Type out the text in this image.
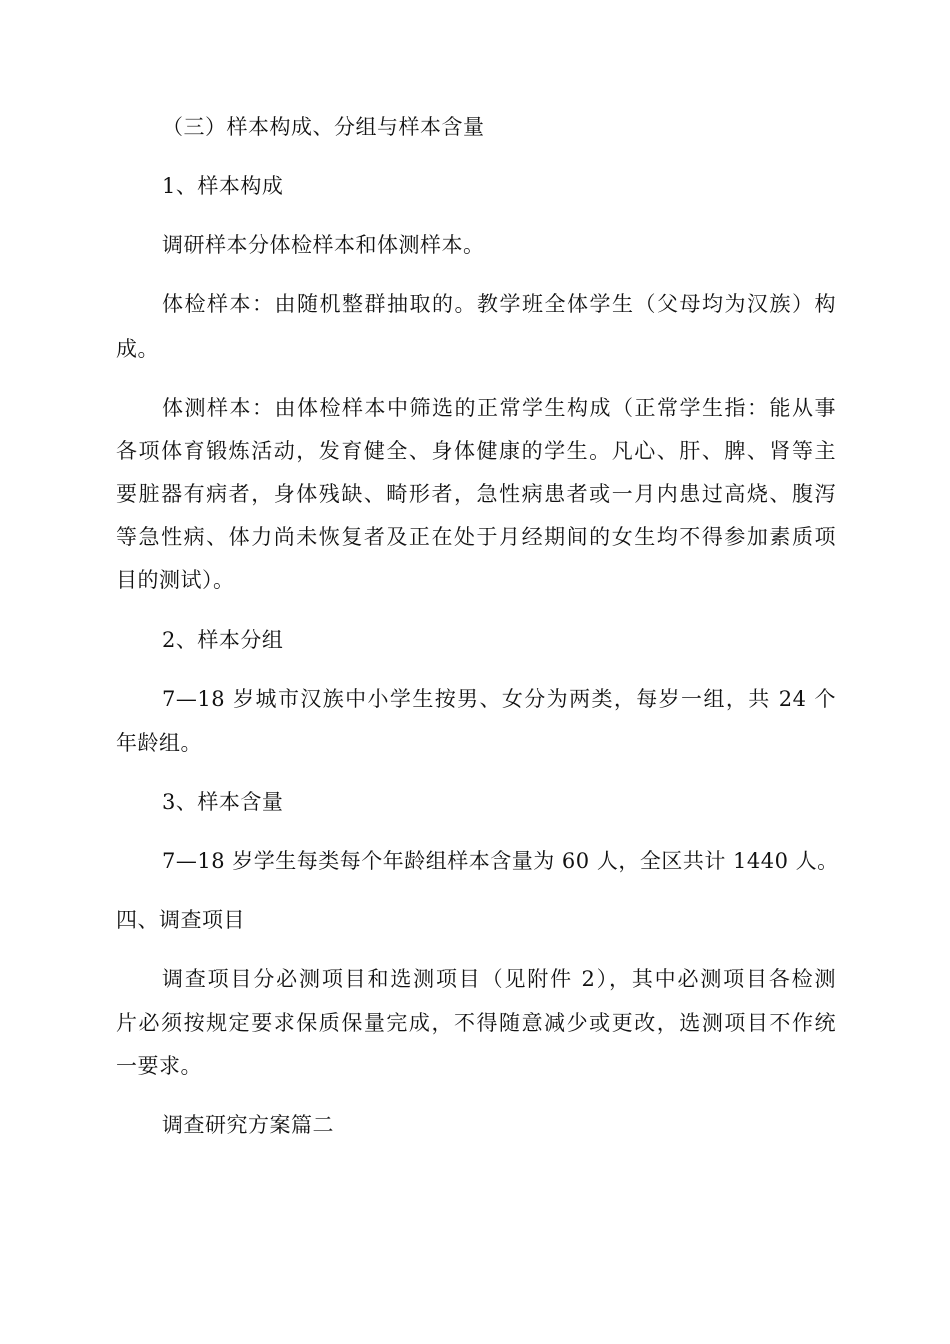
（三）样本构成、分组与样本含量
1、样本构成
调研样本分体检样本和体测样本。
体检样本：由随机整群抽取的。教学班全体学生（父母均为汉族）构
成。
体测样本：由体检样本中筛选的正常学生构成（正常学生指：能从事
各项体育锻炼活动，发育健全、身体健康的学生。凡心、肝、脾、肾等主
要脏器有病者，身体残缺、畸形者，急性病患者或一月内患过高烧、腹泻
等急性病、体力尚未恢复者及正在处于月经期间的女生均不得参加素质项
目的测试）。
2、样本分组
7—18 岁城市汉族中小学生按男、女分为两类，每岁一组，共 24 个
年龄组。
3、样本含量
7—18 岁学生每类每个年龄组样本含量为 60 人，全区共计 1440 人。
四、调查项目
调查项目分必测项目和选测项目（见附件 2），其中必测项目各检测
片必须按规定要求保质保量完成，不得随意减少或更改，选测项目不作统
一要求。
调查研究方案篇二
